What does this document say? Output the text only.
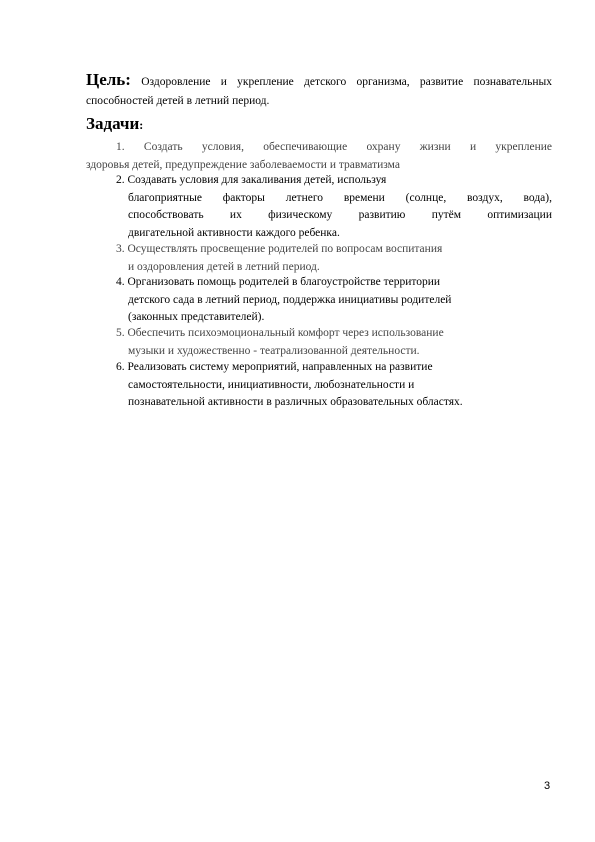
Цель: Оздоровление и укрепление детского организма, развитие познавательных способностей детей в летний период.
Задачи:
1. Создать условия, обеспечивающие охрану жизни и укрепление
здоровья детей, предупреждение заболеваемости и травматизма
2. Создавать условия для закаливания детей, используя
благоприятные факторы летнего времени (солнце, воздух, вода),
способствовать их физическому развитию путём оптимизации
двигательной активности каждого ребенка.
3. Осуществлять просвещение родителей по вопросам воспитания
и оздоровления детей в летний период.
4. Организовать помощь родителей в благоустройстве территории
детского сада в летний период, поддержка инициативы родителей
(законных представителей).
5. Обеспечить психоэмоциональный комфорт через использование
музыки и художественно - театрализованной деятельности.
6. Реализовать систему мероприятий, направленных на развитие
самостоятельности, инициативности, любознательности и
познавательной активности в различных образовательных областях.
3
